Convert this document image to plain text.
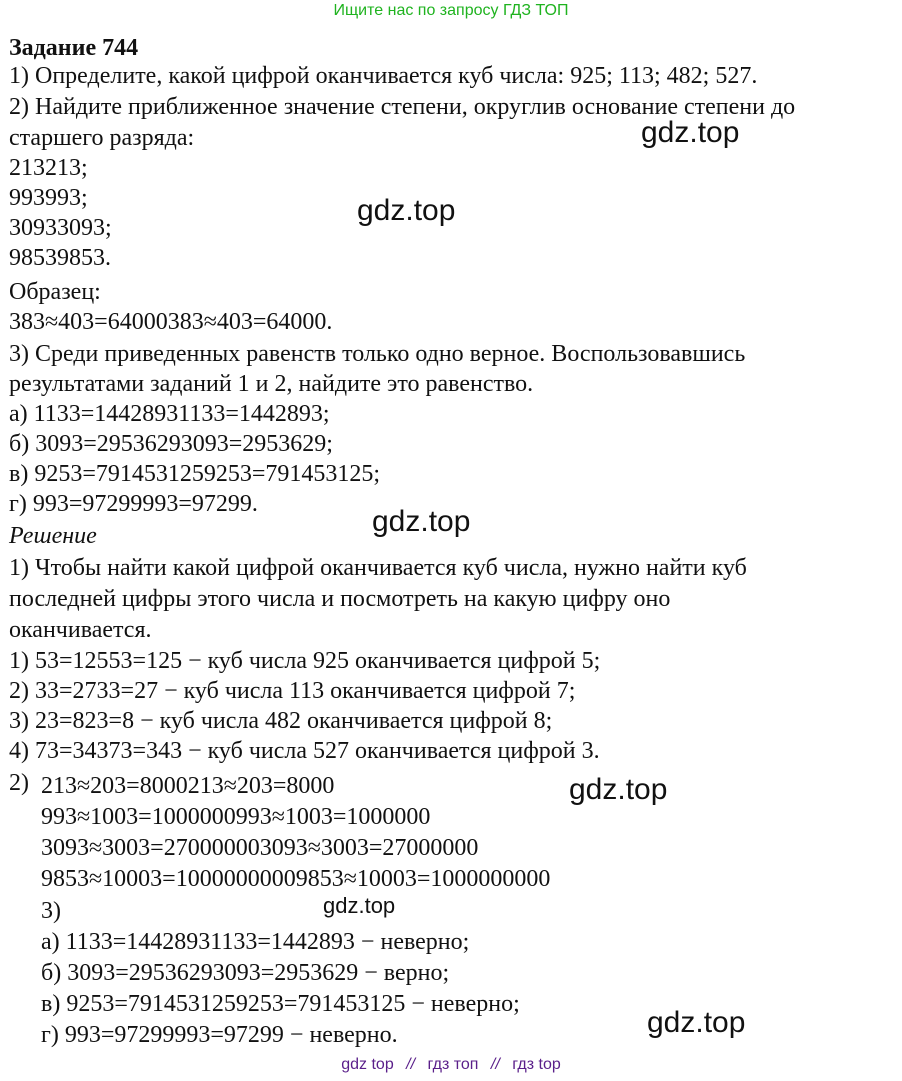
Ищите нас по запросу ГДЗ ТОП
Задание 744
1) Определите, какой цифрой оканчивается куб числа: 925; 113; 482; 527.
2) Найдите приближенное значение степени, округлив основание степени до
старшего разряда:
213213;
993993;
30933093;
98539853.
Образец:
383≈403=64000383≈403=64000.
3) Среди приведенных равенств только одно верное. Воспользовавшись
результатами заданий 1 и 2, найдите это равенство.
а) 1133=14428931133=1442893;
б) 3093=29536293093=2953629;
в) 9253=7914531259253=791453125;
г) 993=97299993=97299.
Решение
1) Чтобы найти какой цифрой оканчивается куб числа, нужно найти куб
последней цифры этого числа и посмотреть на какую цифру оно
оканчивается.
1) 53=12553=125 − куб числа 925 оканчивается цифрой 5;
2) 33=2733=27 − куб числа 113 оканчивается цифрой 7;
3) 23=823=8 − куб числа 482 оканчивается цифрой 8;
4) 73=34373=343 − куб числа 527 оканчивается цифрой 3.
2) 213≈203=8000213≈203=8000
993≈1003=1000000993≈1003=1000000
3093≈3003=270000003093≈3003=27000000
9853≈10003=10000000009853≈10003=1000000000
3)
а) 1133=14428931133=1442893 − неверно;
б) 3093=29536293093=2953629 − верно;
в) 9253=7914531259253=791453125 − неверно;
г) 993=97299993=97299 − неверно.
gdz.top
gdz.top
gdz.top
gdz.top
gdz.top
gdz.top
gdz top // гдз топ // гдз top
